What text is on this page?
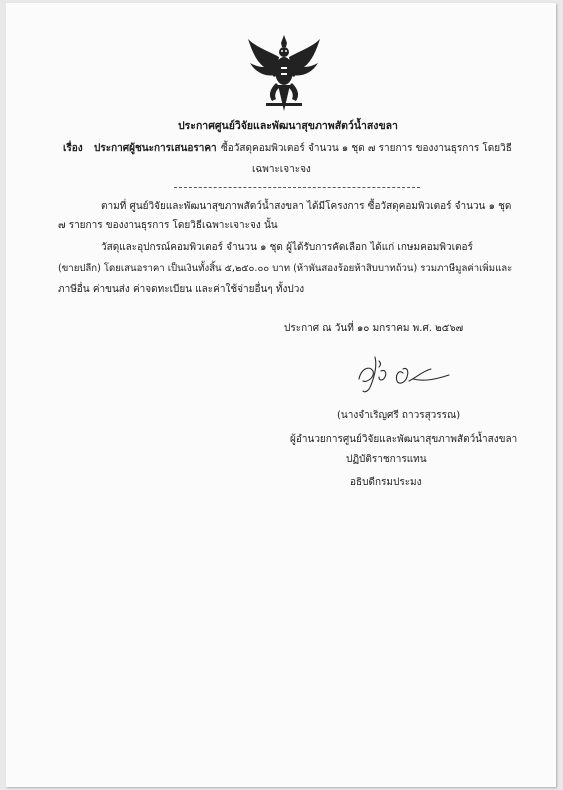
ประกาศศูนย์วิจัยและพัฒนาสุขภาพสัตว์น้ำสงขลา
เรื่อง ประกาศผู้ชนะการเสนอราคา ซื้อวัสดุคอมพิวเตอร์ จำนวน ๑ ชุด ๗ รายการ ของงานธุรการ โดยวิธี
เฉพาะเจาะจง
ตามที่ ศูนย์วิจัยและพัฒนาสุขภาพสัตว์น้ำสงขลา ได้มีโครงการ ซื้อวัสดุคอมพิวเตอร์ จำนวน ๑ ชุด
๗ รายการ ของงานธุรการ โดยวิธีเฉพาะเจาะจง นั้น
วัสดุและอุปกรณ์คอมพิวเตอร์ จำนวน ๑ ชุด ผู้ได้รับการคัดเลือก ได้แก่ เกษมคอมพิวเตอร์
(ขายปลีก) โดยเสนอราคา เป็นเงินทั้งสิ้น ๕,๒๕๐.๐๐ บาท (ห้าพันสองร้อยห้าสิบบาทถ้วน) รวมภาษีมูลค่าเพิ่มและ
ภาษีอื่น ค่าขนส่ง ค่าจดทะเบียน และค่าใช้จ่ายอื่นๆ ทั้งปวง
ประกาศ ณ วันที่ ๑๐ มกราคม พ.ศ. ๒๕๖๗
(นางจำเริญศรี ถาวรสุวรรณ)
ผู้อำนวยการศูนย์วิจัยและพัฒนาสุขภาพสัตว์น้ำสงขลา
ปฏิบัติราชการแทน
อธิบดีกรมประมง
